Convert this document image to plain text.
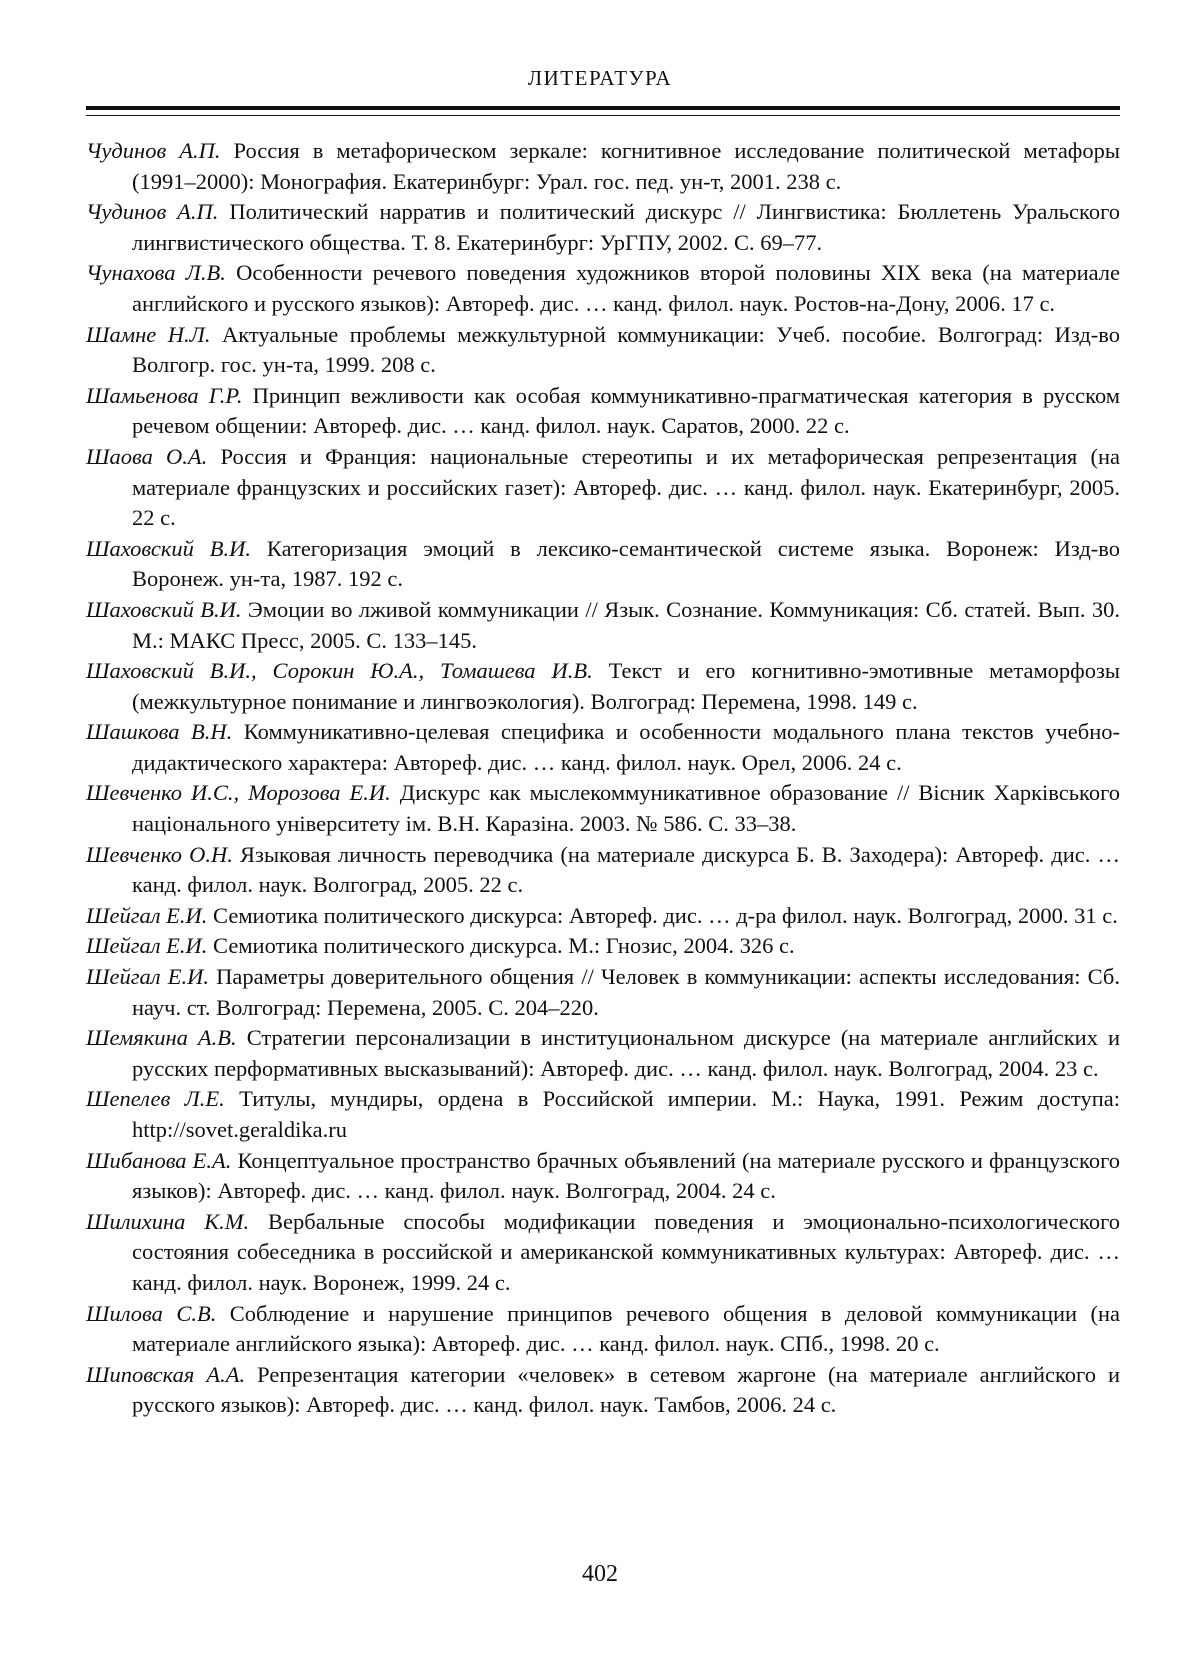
ЛИТЕРАТУРА

Чудинов А.П. Россия в метафорическом зеркале: когнитивное исследование политической метафоры (1991–2000): Монография. Екатеринбург: Урал. гос. пед. ун-т, 2001. 238 с.

Чудинов А.П. Политический нарратив и политический дискурс // Лингвистика: Бюллетень Уральского лингвистического общества. Т. 8. Екатеринбург: УрГПУ, 2002. С. 69–77.

Чунахова Л.В. Особенности речевого поведения художников второй половины XIX века (на материале английского и русского языков): Автореф. дис. … канд. филол. наук. Ростов-на-Дону, 2006. 17 с.

Шамне Н.Л. Актуальные проблемы межкультурной коммуникации: Учеб. пособие. Волгоград: Изд-во Волгогр. гос. ун-та, 1999. 208 с.

Шамьенова Г.Р. Принцип вежливости как особая коммуникативно-прагматическая категория в русском речевом общении: Автореф. дис. … канд. филол. наук. Саратов, 2000. 22 с.

Шаова О.А. Россия и Франция: национальные стереотипы и их метафорическая репрезентация (на материале французских и российских газет): Автореф. дис. … канд. филол. наук. Екатеринбург, 2005. 22 с.

Шаховский В.И. Категоризация эмоций в лексико-семантической системе языка. Воронеж: Изд-во Воронеж. ун-та, 1987. 192 с.

Шаховский В.И. Эмоции во лживой коммуникации // Язык. Сознание. Коммуникация: Сб. статей. Вып. 30. М.: МАКС Пресс, 2005. С. 133–145.

Шаховский В.И., Сорокин Ю.А., Томашева И.В. Текст и его когнитивно-эмотивные метаморфозы (межкультурное понимание и лингвоэкология). Волгоград: Перемена, 1998. 149 с.

Шашкова В.Н. Коммуникативно-целевая специфика и особенности модального плана текстов учебно-дидактического характера: Автореф. дис. … канд. филол. наук. Орел, 2006. 24 с.

Шевченко И.С., Морозова Е.И. Дискурс как мыслекоммуникативное образование // Вісник Харківського національного університету ім. В.Н. Каразіна. 2003. № 586. С. 33–38.

Шевченко О.Н. Языковая личность переводчика (на материале дискурса Б. В. Заходера): Автореф. дис. … канд. филол. наук. Волгоград, 2005. 22 с.

Шейгал Е.И. Семиотика политического дискурса: Автореф. дис. … д-ра филол. наук. Волгоград, 2000. 31 с.

Шейгал Е.И. Семиотика политического дискурса. М.: Гнозис, 2004. 326 с.

Шейгал Е.И. Параметры доверительного общения // Человек в коммуникации: аспекты исследования: Сб. науч. ст. Волгоград: Перемена, 2005. С. 204–220.

Шемякина А.В. Стратегии персонализации в институциональном дискурсе (на материале английских и русских перформативных высказываний): Автореф. дис. … канд. филол. наук. Волгоград, 2004. 23 с.

Шепелев Л.Е. Титулы, мундиры, ордена в Российской империи. М.: Наука, 1991. Режим доступа: http://sovet.geraldika.ru

Шибанова Е.А. Концептуальное пространство брачных объявлений (на материале русского и французского языков): Автореф. дис. … канд. филол. наук. Волгоград, 2004. 24 с.

Шилихина К.М. Вербальные способы модификации поведения и эмоционально-психологического состояния собеседника в российской и американской коммуникативных культурах: Автореф. дис. … канд. филол. наук. Воронеж, 1999. 24 с.

Шилова С.В. Соблюдение и нарушение принципов речевого общения в деловой коммуникации (на материале английского языка): Автореф. дис. … канд. филол. наук. СПб., 1998. 20 с.

Шиповская А.А. Репрезентация категории «человек» в сетевом жаргоне (на материале английского и русского языков): Автореф. дис. … канд. филол. наук. Тамбов, 2006. 24 с.

402
